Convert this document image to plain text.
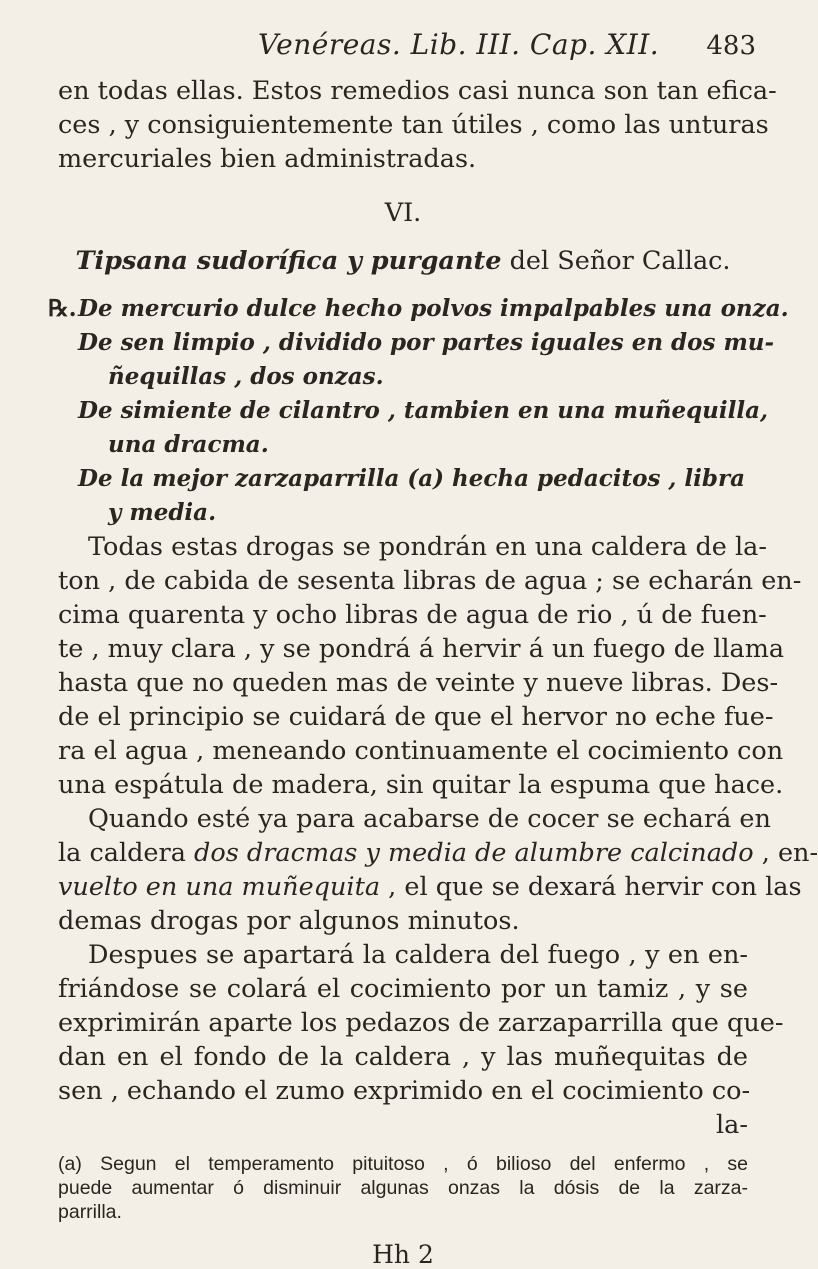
Venéreas. Lib. III. Cap. XII. 483
en todas ellas. Estos remedios casi nunca son tan efica-
ces , y consiguientemente tan útiles , como las unturas
mercuriales bien administradas.
VI.
Tipsana sudorífica y purgante del Señor Callac.
℞.De mercurio dulce hecho polvos impalpables una onza.
De sen limpio , dividido por partes iguales en dos mu-
ñequillas , dos onzas.
De simiente de cilantro , tambien en una muñequilla,
una dracma.
De la mejor zarzaparrilla (a) hecha pedacitos , libra
y media.
Todas estas drogas se pondrán en una caldera de la-
ton , de cabida de sesenta libras de agua ; se echarán en-
cima quarenta y ocho libras de agua de rio , ú de fuen-
te , muy clara , y se pondrá á hervir á un fuego de llama
hasta que no queden mas de veinte y nueve libras. Des-
de el principio se cuidará de que el hervor no eche fue-
ra el agua , meneando continuamente el cocimiento con
una espátula de madera, sin quitar la espuma que hace.
Quando esté ya para acabarse de cocer se echará en
la caldera dos dracmas y media de alumbre calcinado , en-
vuelto en una muñequita , el que se dexará hervir con las
demas drogas por algunos minutos.
Despues se apartará la caldera del fuego , y en en-
friándose se colará el cocimiento por un tamiz , y se
exprimirán aparte los pedazos de zarzaparrilla que que-
dan en el fondo de la caldera , y las muñequitas de
sen , echando el zumo exprimido en el cocimiento co-
la-
(a) Segun el temperamento pituitoso , ó bilioso del enfermo , se
puede aumentar ó disminuir algunas onzas la dósis de la zarza-
parrilla.
Hh 2
